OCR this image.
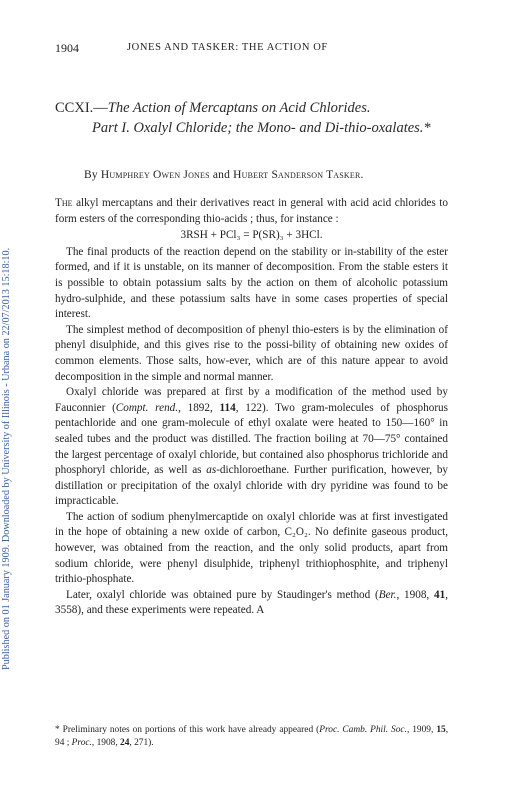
Published on 01 January 1909. Downloaded by University of Illinois - Urbana on 22/07/2013 15:18:10.
1904	JONES AND TASKER: THE ACTION OF
CCXI.—The Action of Mercaptans on Acid Chlorides.
Part I. Oxalyl Chloride; the Mono- and Di-thio-oxalates.*
By Humphrey Owen Jones and Hubert Sanderson Tasker.

The alkyl mercaptans and their derivatives react in general with acid acid chlorides to form esters of the corresponding thio-acids ; thus, for instance :

3RSH + PCl₃ = P(SR)₃ + 3HCl.

The final products of the reaction depend on the stability or in-stability of the ester formed, and if it is unstable, on its manner of decomposition. From the stable esters it is possible to obtain potassium salts by the action on them of alcoholic potassium hydro-sulphide, and these potassium salts have in some cases properties of special interest.

The simplest method of decomposition of phenyl thio-esters is by the elimination of phenyl disulphide, and this gives rise to the possi-bility of obtaining new oxides of common elements. Those salts, how-ever, which are of this nature appear to avoid decomposition in the simple and normal manner.

Oxalyl chloride was prepared at first by a modification of the method used by Fauconnier (Compt. rend., 1892, 114, 122). Two gram-molecules of phosphorus pentachloride and one gram-molecule of ethyl oxalate were heated to 150—160° in sealed tubes and the product was distilled. The fraction boiling at 70—75° contained the largest percentage of oxalyl chloride, but contained also phosphorus trichloride and phosphoryl chloride, as well as as-dichloroethane. Further purification, however, by distillation or precipitation of the oxalyl chloride with dry pyridine was found to be impracticable.

The action of sodium phenylmercaptide on oxalyl chloride was at first investigated in the hope of obtaining a new oxide of carbon, C₂O₂. No definite gaseous product, however, was obtained from the reaction, and the only solid products, apart from sodium chloride, were phenyl disulphide, triphenyl trithiophosphite, and triphenyl trithio-phosphate.

Later, oxalyl chloride was obtained pure by Staudinger's method (Ber., 1908, 41, 3558), and these experiments were repeated. A

* Preliminary notes on portions of this work have already appeared (Proc. Camb. Phil. Soc., 1909, 15, 94 ; Proc., 1908, 24, 271).
